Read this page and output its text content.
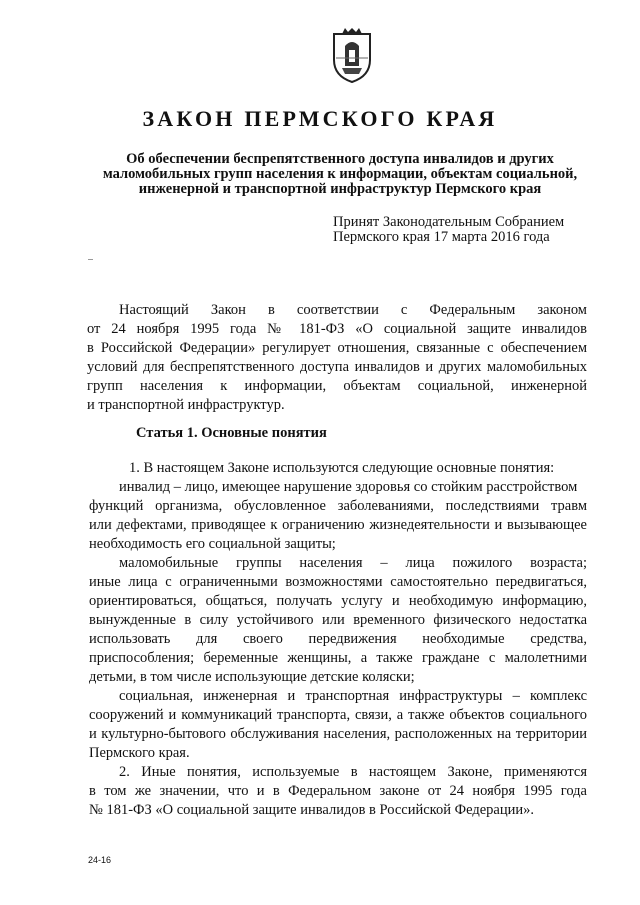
ЗАКОН ПЕРМСКОГО КРАЯ

Об обеспечении беспрепятственного доступа инвалидов и других
маломобильных групп населения к информации, объектам социальной,
инженерной и транспортной инфраструктур Пермского края

Принят Законодательным Собранием
Пермского края 17 марта 2016 года

Настоящий Закон в соответствии с Федеральным законом
от 24 ноября 1995 года № 181-ФЗ «О социальной защите инвалидов
в Российской Федерации» регулирует отношения, связанные с обеспечением
условий для беспрепятственного доступа инвалидов и других маломобильных
групп населения к информации, объектам социальной, инженерной
и транспортной инфраструктур.
Статья 1. Основные понятия
1. В настоящем Законе используются следующие основные понятия:
инвалид – лицо, имеющее нарушение здоровья со стойким расстройством
функций организма, обусловленное заболеваниями, последствиями травм
или дефектами, приводящее к ограничению жизнедеятельности и вызывающее
необходимость его социальной защиты;
маломобильные группы населения – лица пожилого возраста;
иные лица с ограниченными возможностями самостоятельно передвигаться,
ориентироваться, общаться, получать услугу и необходимую информацию,
вынужденные в силу устойчивого или временного физического недостатка
использовать для своего передвижения необходимые средства,
приспособления; беременные женщины, а также граждане с малолетними
детьми, в том числе использующие детские коляски;
социальная, инженерная и транспортная инфраструктуры – комплекс
сооружений и коммуникаций транспорта, связи, а также объектов социального
и культурно-бытового обслуживания населения, расположенных на территории
Пермского края.
2. Иные понятия, используемые в настоящем Законе, применяются
в том же значении, что и в Федеральном законе от 24 ноября 1995 года
№ 181-ФЗ «О социальной защите инвалидов в Российской Федерации».
24-16
